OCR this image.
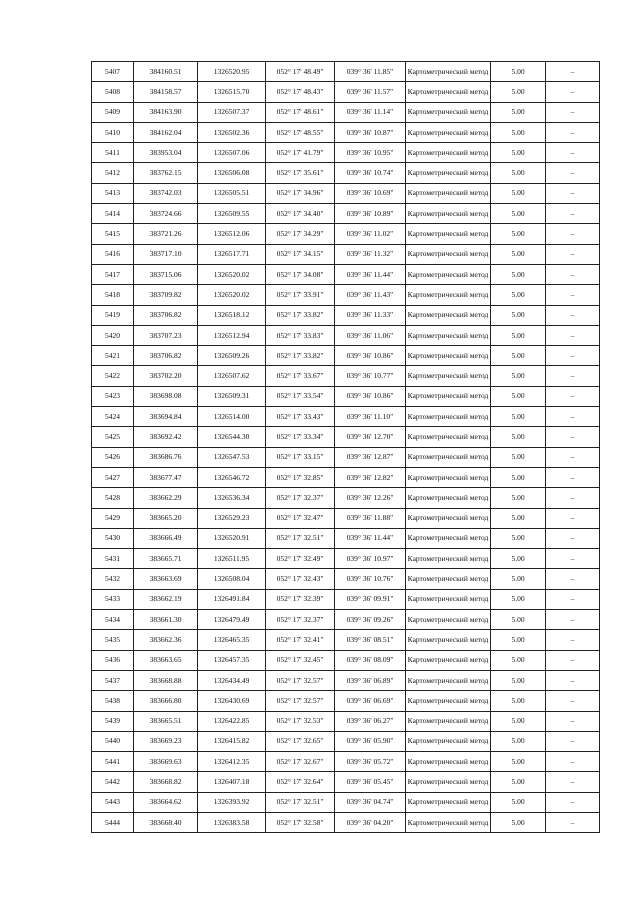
5407	384160.51	1326520.95	052° 17' 48.49"	039° 36' 11.85"	Картометрический метод	5.00	–
5408	384158.57	1326515.70	052° 17' 48.43"	039° 36' 11.57"	Картометрический метод	5.00	–
5409	384163.90	1326507.37	052° 17' 48.61"	039° 36' 11.14"	Картометрический метод	5.00	–
5410	384162.04	1326502.36	052° 17' 48.55"	039° 36' 10.87"	Картометрический метод	5.00	–
5411	383953.04	1326507.06	052° 17' 41.79"	039° 36' 10.95"	Картометрический метод	5.00	–
5412	383762.15	1326506.08	052° 17' 35.61"	039° 36' 10.74"	Картометрический метод	5.00	–
5413	383742.03	1326505.51	052° 17' 34.96"	039° 36' 10.69"	Картометрический метод	5.00	–
5414	383724.66	1326509.55	052° 17' 34.40"	039° 36' 10.89"	Картометрический метод	5.00	–
5415	383721.26	1326512.06	052° 17' 34.29"	039° 36' 11.02"	Картометрический метод	5.00	–
5416	383717.10	1326517.71	052° 17' 34.15"	039° 36' 11.32"	Картометрический метод	5.00	–
5417	383715.06	1326520.02	052° 17' 34.08"	039° 36' 11.44"	Картометрический метод	5.00	–
5418	383709.82	1326520.02	052° 17' 33.91"	039° 36' 11.43"	Картометрический метод	5.00	–
5419	383706.82	1326518.12	052° 17' 33.82"	039° 36' 11.33"	Картометрический метод	5.00	–
5420	383707.23	1326512.94	052° 17' 33.83"	039° 36' 11.06"	Картометрический метод	5.00	–
5421	383706.82	1326509.26	052° 17' 33.82"	039° 36' 10.86"	Картометрический метод	5.00	–
5422	383702.20	1326507.62	052° 17' 33.67"	039° 36' 10.77"	Картометрический метод	5.00	–
5423	383698.08	1326509.31	052° 17' 33.54"	039° 36' 10.86"	Картометрический метод	5.00	–
5424	383694.84	1326514.00	052° 17' 33.43"	039° 36' 11.10"	Картометрический метод	5.00	–
5425	383692.42	1326544.30	052° 17' 33.34"	039° 36' 12.70"	Картометрический метод	5.00	–
5426	383686.76	1326547.53	052° 17' 33.15"	039° 36' 12.87"	Картометрический метод	5.00	–
5427	383677.47	1326546.72	052° 17' 32.85"	039° 36' 12.82"	Картометрический метод	5.00	–
5428	383662.29	1326536.34	052° 17' 32.37"	039° 36' 12.26"	Картометрический метод	5.00	–
5429	383665.20	1326529.23	052° 17' 32.47"	039° 36' 11.88"	Картометрический метод	5.00	–
5430	383666.49	1326520.91	052° 17' 32.51"	039° 36' 11.44"	Картометрический метод	5.00	–
5431	383665.71	1326511.95	052° 17' 32.49"	039° 36' 10.97"	Картометрический метод	5.00	–
5432	383663.69	1326508.04	052° 17' 32.43"	039° 36' 10.76"	Картометрический метод	5.00	–
5433	383662.19	1326491.84	052° 17' 32.39"	039° 36' 09.91"	Картометрический метод	5.00	–
5434	383661.30	1326479.49	052° 17' 32.37"	039° 36' 09.26"	Картометрический метод	5.00	–
5435	383662.36	1326465.35	052° 17' 32.41"	039° 36' 08.51"	Картометрический метод	5.00	–
5436	383663.65	1326457.35	052° 17' 32.45"	039° 36' 08.09"	Картометрический метод	5.00	–
5437	383668.88	1326434.49	052° 17' 32.57"	039° 36' 06.89"	Картометрический метод	5.00	–
5438	383666.80	1326430.69	052° 17' 32.57"	039° 36' 06.69"	Картометрический метод	5.00	–
5439	383665.51	1326422.85	052° 17' 32.53"	039° 36' 06.27"	Картометрический метод	5.00	–
5440	383669.23	1326415.82	052° 17' 32.65"	039° 36' 05.90"	Картометрический метод	5.00	–
5441	383669.63	1326412.35	052° 17' 32.67"	039° 36' 05.72"	Картометрический метод	5.00	–
5442	383668.82	1326407.18	052° 17' 32.64"	039° 36' 05.45"	Картометрический метод	5.00	–
5443	383664.62	1326393.92	052° 17' 32.51"	039° 36' 04.74"	Картометрический метод	5.00	–
5444	383668.40	1326383.58	052° 17' 32.58"	039° 36' 04.20"	Картометрический метод	5.00	–
